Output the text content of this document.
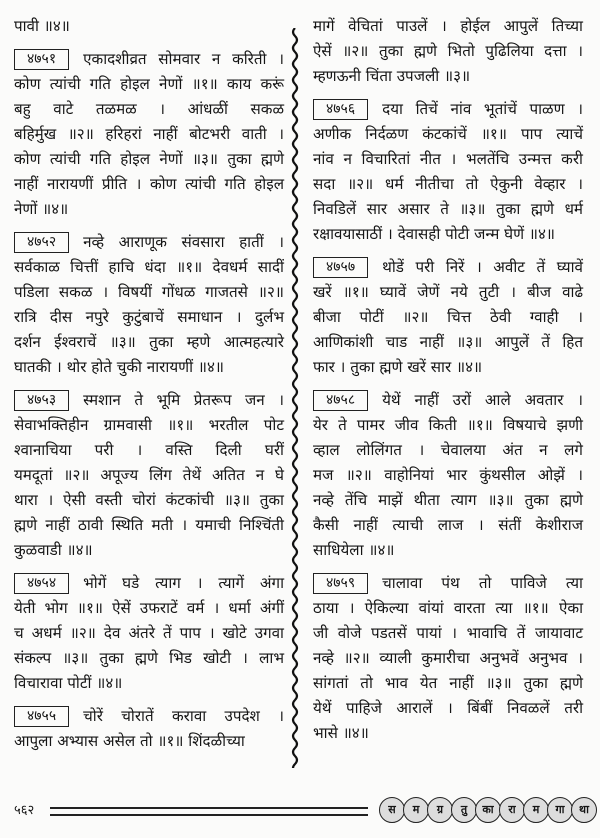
पावी ॥४॥
४७५१	एकादशीव्रत सोमवार न करिती ।
कोण त्यांची गति होइल नेणों ॥१॥ काय करूं
बहु वाटे तळमळ । आंधळीं सकळ
बहिर्मुख ॥२॥ हरिहरां नाहीं बोटभरी वाती ।
कोण त्यांची गति होइल नेणों ॥३॥ तुका ह्मणे
नाहीं नारायणीं प्रीति । कोण त्यांची गति होइल
नेणों ॥४॥
४७५२	नव्हे आराणूक संवसारा हातीं ।
सर्वकाळ चित्तीं हाचि धंदा ॥१॥ देवधर्म सादीं
पडिला सकळ । विषयीं गोंधळ गाजतसे ॥२॥
रात्रि दीस नपुरे कुटुंबाचें समाधान । दुर्लभ
दर्शन ईश्वराचें ॥३॥ तुका म्हणे आत्महत्यारे
घातकी । थोर होते चुकी नारायणीं ॥४॥
४७५३	स्मशान ते भूमि प्रेतरूप जन ।
सेवाभक्तिहीन ग्रामवासी ॥१॥ भरतील पोट
श्वानाचिया परी । वस्ति दिली घरीं
यमदूतां ॥२॥ अपूज्य लिंग तेथें अतित न घे
थारा । ऐसी वस्ती चोरां कंटकांची ॥३॥ तुका
ह्मणे नाहीं ठावी स्थिति मती । यमाची निश्चिंती
कुळवाडी ॥४॥
४७५४	भोगें घडे त्याग । त्यागें अंगा
येती भोग ॥१॥ ऐसें उफराटें वर्म । धर्मा अंगीं
च अधर्म ॥२॥ देव अंतरे तें पाप । खोटे उगवा
संकल्प ॥३॥ तुका ह्मणे भिड खोटी । लाभ
विचारावा पोटीं ॥४॥
४७५५	चोरें चोरातें करावा उपदेश ।
आपुला अभ्यास असेल तो ॥१॥ शिंदळीच्या
मागें वेचितां पाउलें । होईल आपुलें तिच्या
ऐसें ॥२॥ तुका ह्मणे भितो पुढिलिया दत्ता ।
म्हणऊनी चिंता उपजली ॥३॥
४७५६	दया तिचें नांव भूतांचें पाळण ।
अणीक निर्दळण कंटकांचें ॥१॥ पाप त्याचें
नांव न विचारितां नीत । भलतेंचि उन्मत्त करी
सदा ॥२॥ धर्म नीतीचा तो ऐकुनी वेव्हार ।
निवडिलें सार असार ते ॥३॥ तुका ह्मणे धर्म
रक्षावयासाठीं । देवासही पोटी जन्म घेणें ॥४॥
४७५७	थोडें परी निरें । अवीट तें घ्यावें
खरें ॥१॥ घ्यावें जेणें नये तुटी । बीज वाढे
बीजा पोटीं ॥२॥ चित्त ठेवी ग्वाही ।
आणिकांशी चाड नाहीं ॥३॥ आपुलें तें हित
फार । तुका ह्मणे खरें सार ॥४॥
४७५८	येथें नाहीं उरों आले अवतार ।
येर ते पामर जीव किती ॥१॥ विषयाचे झणी
व्हाल लोलिंगत । चेवालया अंत न लगे
मज ॥२॥ वाहोनियां भार कुंथसील ओझें ।
नव्हे तेंचि माझें थीता त्याग ॥३॥ तुका ह्मणे
कैसी नाहीं त्याची लाज । संतीं केशीराज
साधियेला ॥४॥
४७५९	चालावा पंथ तो पाविजे त्या
ठाया । ऐकिल्या वांयां वारता त्या ॥१॥ ऐका
जी वोजे पडतसें पायां । भावाचि तें जायावाट
नव्हे ॥२॥ व्याली कुमारीचा अनुभवें अनुभव ।
सांगतां तो भाव येत नाहीं ॥३॥ तुका ह्मणे
येथें पाहिजे आरालें । बिंबीं निवळलें तरी
भासे ॥४॥
५६२	स	म	ग्र	तु	का	रा	म	गा	था
